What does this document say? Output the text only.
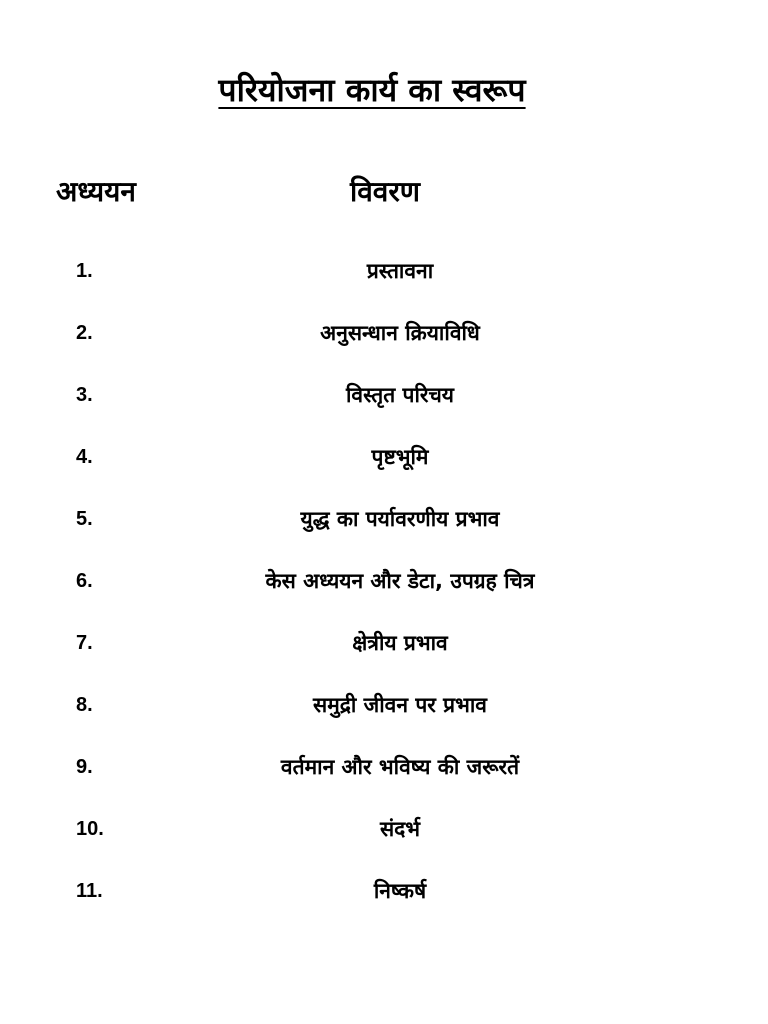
परियोजना कार्य का स्वरूप
अध्ययन	विवरण
1.	प्रस्तावना
2.	अनुसन्धान क्रियाविधि
3.	विस्तृत परिचय
4.	पृष्टभूमि
5.	युद्ध का पर्यावरणीय प्रभाव
6.	केस अध्ययन और डेटा, उपग्रह चित्र
7.	क्षेत्रीय प्रभाव
8.	समुद्री जीवन पर प्रभाव
9.	वर्तमान और भविष्य की जरूरतें
10.	संदर्भ
11.	निष्कर्ष
